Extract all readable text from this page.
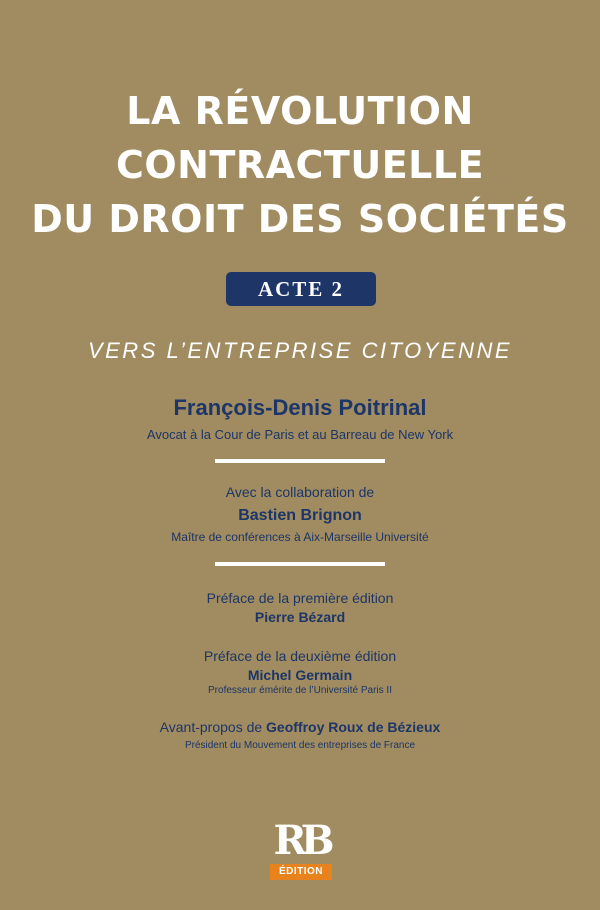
LA RÉVOLUTION
CONTRACTUELLE
DU DROIT DES SOCIÉTÉS
ACTE 2
VERS L’ENTREPRISE CITOYENNE
François-Denis Poitrinal
Avocat à la Cour de Paris et au Barreau de New York
Avec la collaboration de
Bastien Brignon
Maître de conférences à Aix-Marseille Université
Préface de la première édition
Pierre Bézard
Préface de la deuxième édition
Michel Germain
Professeur émérite de l’Université Paris II
Avant-propos de Geoffroy Roux de Bézieux
Président du Mouvement des entreprises de France
RB
ÉDITION
